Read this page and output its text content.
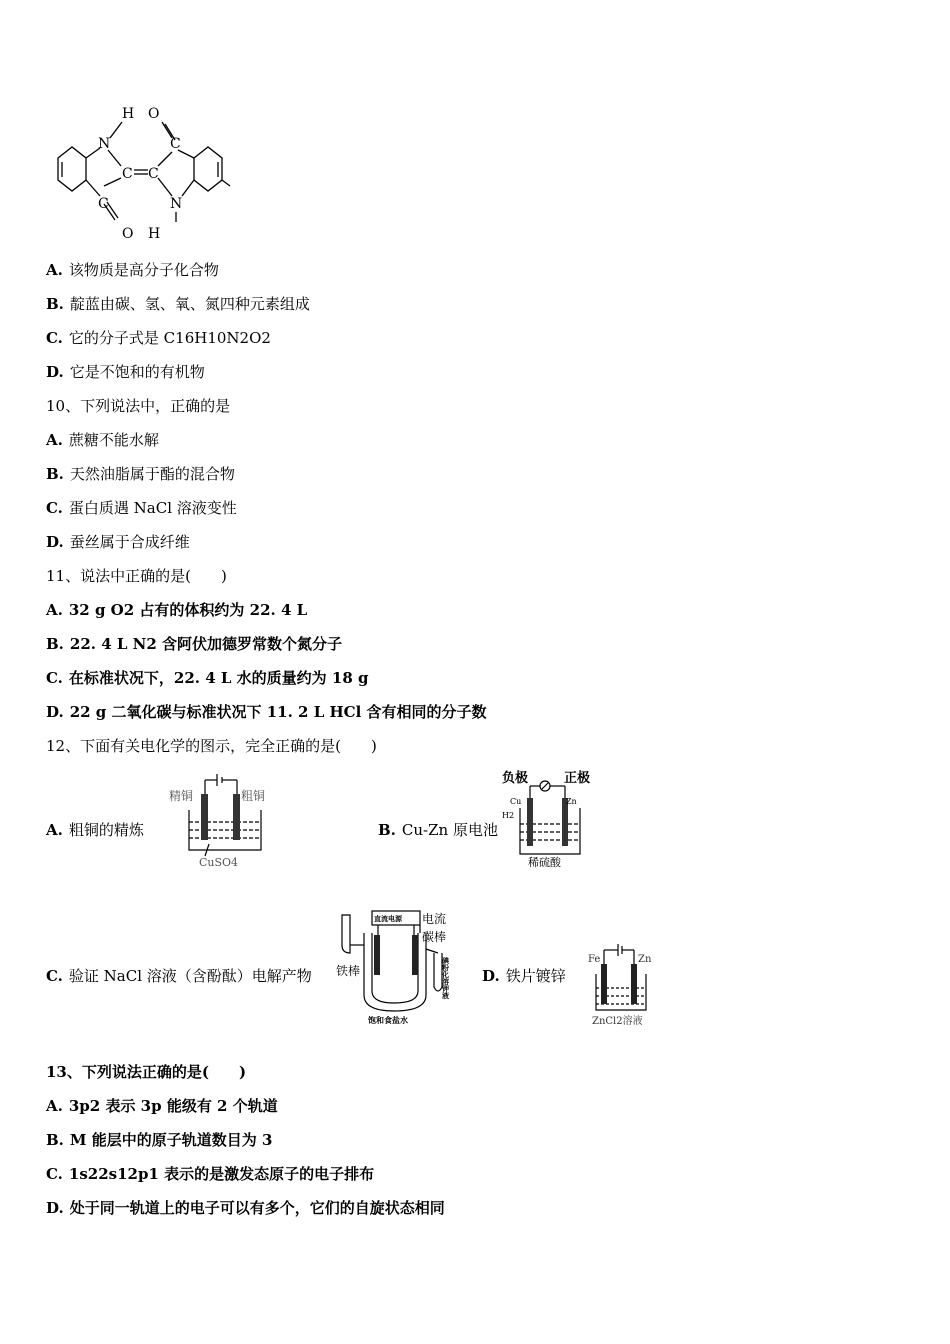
N
H O
C
C C
C	N
O H
A. 该物质是高分子化合物
B. 靛蓝由碳、氢、氧、氮四种元素组成
C. 它的分子式是 C16H10N2O2
D. 它是不饱和的有机物
10、下列说法中，正确的是
A. 蔗糖不能水解
B. 天然油脂属于酯的混合物
C. 蛋白质遇 NaCl 溶液变性
D. 蚕丝属于合成纤维
11、说法中正确的是(　　)
A. 32 g O2 占有的体积约为 22. 4 L
B. 22. 4 L N2 含阿伏加德罗常数个氮分子
C. 在标准状况下，22. 4 L 水的质量约为 18 g
D. 22 g 二氧化碳与标准状况下 11. 2 L HCl 含有相同的分子数
12、下面有关电化学的图示，完全正确的是(　　)
A. 粗铜的精炼	B. Cu-Zn 原电池
精铜	粗铜
CuSO4
负极	正极
Cu	Zn
H2
稀硫酸
C. 验证 NaCl 溶液（含酚酞）电解产物	D. 铁片镀锌
直流电源 电流
碳棒
铁棒	碘粉化溶钾液
饱和食盐水
Fe	Zn
ZnCl2溶液
13、下列说法正确的是(　　)
A. 3p2 表示 3p 能级有 2 个轨道
B. M 能层中的原子轨道数目为 3
C. 1s22s12p1 表示的是激发态原子的电子排布
D. 处于同一轨道上的电子可以有多个，它们的自旋状态相同
